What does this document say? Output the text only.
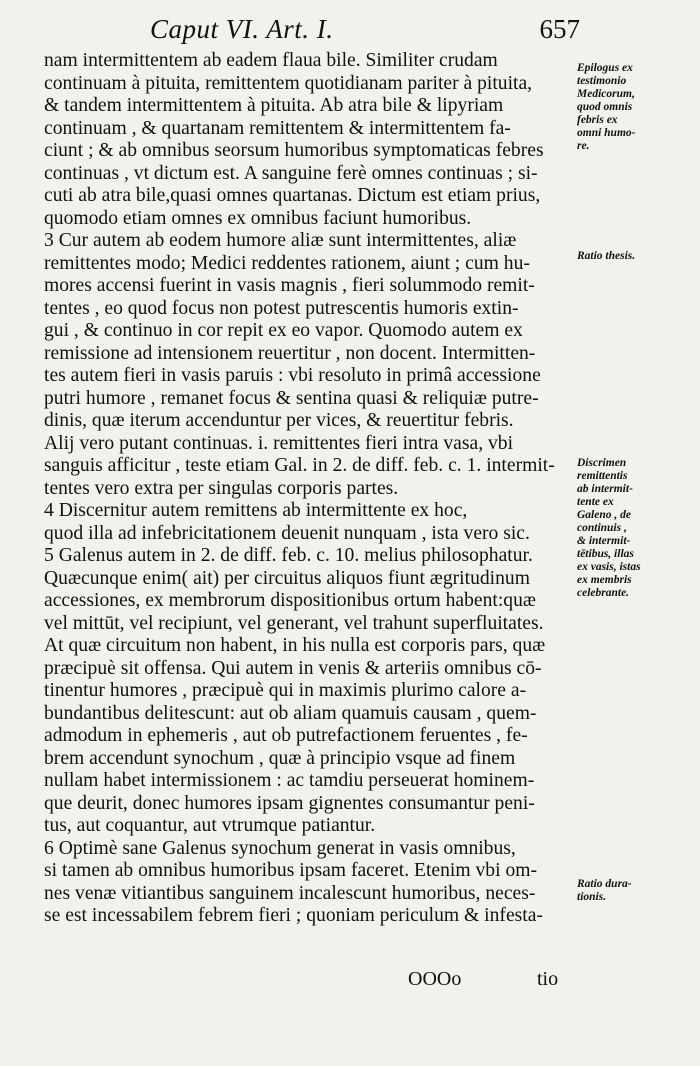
Caput VI. Art. I.	657
nam intermittentem ab eadem flaua bile. Similiter crudam
continuam à pituita, remittentem quotidianam pariter à pituita,
& tandem intermittentem à pituita. Ab atra bile & lipyriam
continuam , & quartanam remittentem & intermittentem fa-
ciunt ; & ab omnibus seorsum humoribus symptomaticas febres
continuas , vt dictum est. A sanguine ferè omnes continuas ; si-
cuti ab atra bile,quasi omnes quartanas. Dictum est etiam prius,
quomodo etiam omnes ex omnibus faciunt humoribus.
3 Cur autem ab eodem humore aliæ sunt intermittentes, aliæ
remittentes modo; Medici reddentes rationem, aiunt ; cum hu-
mores accensi fuerint in vasis magnis , fieri solummodo remit-
tentes , eo quod focus non potest putrescentis humoris extin-
gui , & continuo in cor repit ex eo vapor. Quomodo autem ex
remissione ad intensionem reuertitur , non docent. Intermitten-
tes autem fieri in vasis paruis : vbi resoluto in primâ accessione
putri humore , remanet focus & sentina quasi & reliquiæ putre-
dinis, quæ iterum accenduntur per vices, & reuertitur febris.
Alij vero putant continuas. i. remittentes fieri intra vasa, vbi
sanguis afficitur , teste etiam Gal. in 2. de diff. feb. c. 1. intermit-
tentes vero extra per singulas corporis partes.
4 Discernitur autem remittens ab intermittente ex hoc,
quod illa ad infebricitationem deuenit nunquam , ista vero sic.
5 Galenus autem in 2. de diff. feb. c. 10. melius philosophatur.
Quæcunque enim( ait) per circuitus aliquos fiunt ægritudinum
accessiones, ex membrorum dispositionibus ortum habent:quæ
vel mittūt, vel recipiunt, vel generant, vel trahunt superfluitates.
At quæ circuitum non habent, in his nulla est corporis pars, quæ
præcipuè sit offensa. Qui autem in venis & arteriis omnibus cō-
tinentur humores , præcipuè qui in maximis plurimo calore a-
bundantibus delitescunt: aut ob aliam quamuis causam , quem-
admodum in ephemeris , aut ob putrefactionem feruentes , fe-
brem accendunt synochum , quæ à principio vsque ad finem
nullam habet intermissionem : ac tamdiu perseuerat hominem-
que deurit, donec humores ipsam gignentes consumantur peni-
tus, aut coquantur, aut vtrumque patiantur.
6 Optimè sane Galenus synochum generat in vasis omnibus,
si tamen ab omnibus humoribus ipsam faceret. Etenim vbi om-
nes venæ vitiantibus sanguinem incalescunt humoribus, neces-
se est incessabilem febrem fieri ; quoniam periculum & infesta-
Epilogus ex
testimonio
Medicorum,
quod omnis
febris ex
omni humo-
re.
Ratio thesis.
Discrimen
remittentis
ab intermit-
tente ex
Galeno , de
continuis ,
& intermit-
tētibus, illas
ex vasis, istas
ex membris
celebrante.
Ratio dura-
tionis.
OOOo	tio
